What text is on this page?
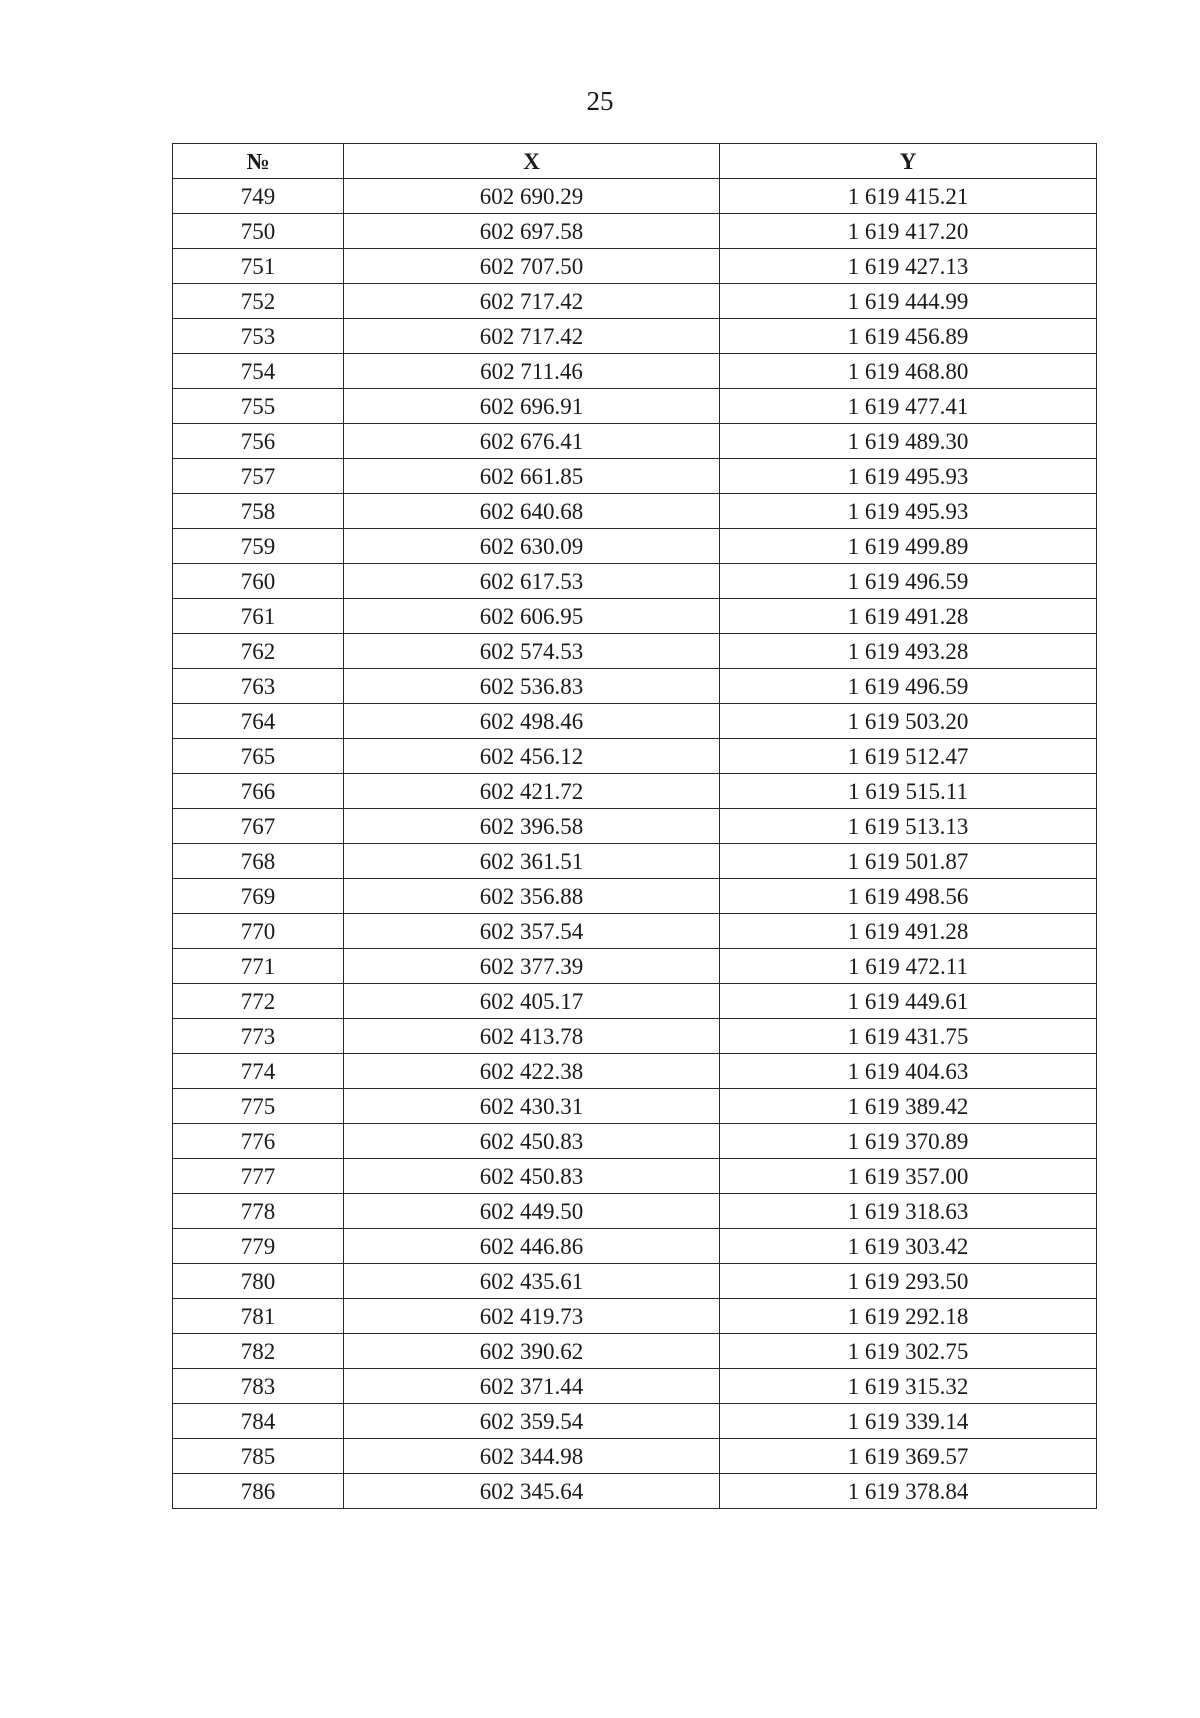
25
№	X	Y
749	602 690.29	1 619 415.21
750	602 697.58	1 619 417.20
751	602 707.50	1 619 427.13
752	602 717.42	1 619 444.99
753	602 717.42	1 619 456.89
754	602 711.46	1 619 468.80
755	602 696.91	1 619 477.41
756	602 676.41	1 619 489.30
757	602 661.85	1 619 495.93
758	602 640.68	1 619 495.93
759	602 630.09	1 619 499.89
760	602 617.53	1 619 496.59
761	602 606.95	1 619 491.28
762	602 574.53	1 619 493.28
763	602 536.83	1 619 496.59
764	602 498.46	1 619 503.20
765	602 456.12	1 619 512.47
766	602 421.72	1 619 515.11
767	602 396.58	1 619 513.13
768	602 361.51	1 619 501.87
769	602 356.88	1 619 498.56
770	602 357.54	1 619 491.28
771	602 377.39	1 619 472.11
772	602 405.17	1 619 449.61
773	602 413.78	1 619 431.75
774	602 422.38	1 619 404.63
775	602 430.31	1 619 389.42
776	602 450.83	1 619 370.89
777	602 450.83	1 619 357.00
778	602 449.50	1 619 318.63
779	602 446.86	1 619 303.42
780	602 435.61	1 619 293.50
781	602 419.73	1 619 292.18
782	602 390.62	1 619 302.75
783	602 371.44	1 619 315.32
784	602 359.54	1 619 339.14
785	602 344.98	1 619 369.57
786	602 345.64	1 619 378.84
